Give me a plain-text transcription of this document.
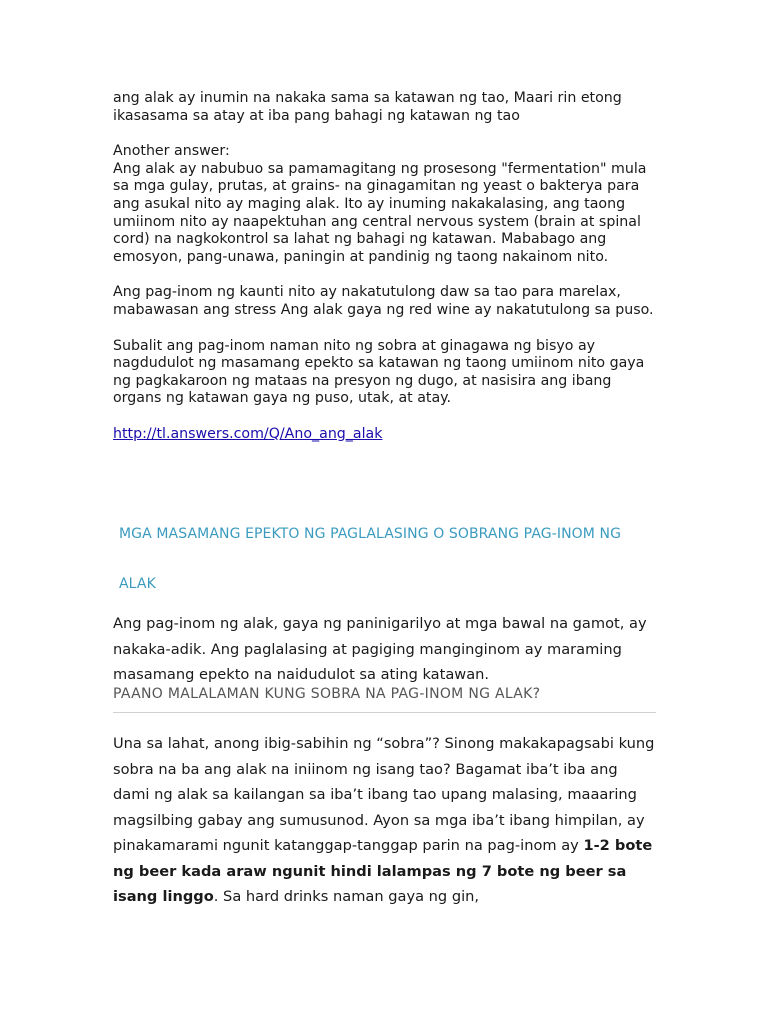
ang alak ay inumin na nakaka sama sa katawan ng tao, Maari rin etong ikasasama sa atay at iba pang bahagi ng katawan ng tao

Another answer:

Ang alak ay nabubuo sa pamamagitang ng prosesong "fermentation" mula sa mga gulay, prutas, at grains- na ginagamitan ng yeast o bakterya para ang asukal nito ay maging alak. Ito ay inuming nakakalasing, ang taong umiinom nito ay naapektuhan ang central nervous system (brain at spinal cord) na nagkokontrol sa lahat ng bahagi ng katawan. Mababago ang emosyon, pang-unawa, paningin at pandinig ng taong nakainom nito.

Ang pag-inom ng kaunti nito ay nakatutulong daw sa tao para marelax, mabawasan ang stress Ang alak gaya ng red wine ay nakatutulong sa puso.

Subalit ang pag-inom naman nito ng sobra at ginagawa ng bisyo ay nagdudulot ng masamang epekto sa katawan ng taong umiinom nito gaya ng pagkakaroon ng mataas na presyon ng dugo, at nasisira ang ibang organs ng katawan gaya ng puso, utak, at atay.

http://tl.answers.com/Q/Ano_ang_alak
MGA MASAMANG EPEKTO NG PAGLALASING O SOBRANG PAG-INOM NG
ALAK

Ang pag-inom ng alak, gaya ng paninigarilyo at mga bawal na gamot, ay nakaka-adik. Ang paglalasing at pagiging manginginom ay maraming masamang epekto na naidudulot sa ating katawan.

PAANO MALALAMAN KUNG SOBRA NA PAG-INOM NG ALAK?

Una sa lahat, anong ibig-sabihin ng “sobra”? Sinong makakapagsabi kung sobra na ba ang alak na iniinom ng isang tao? Bagamat iba’t iba ang dami ng alak sa kailangan sa iba’t ibang tao upang malasing, maaaring magsilbing gabay ang sumusunod. Ayon sa mga iba’t ibang himpilan, ay pinakamarami ngunit katanggap-tanggap parin na pag-inom ay 1-2 bote ng beer kada araw ngunit hindi lalampas ng 7 bote ng beer sa isang linggo. Sa hard drinks naman gaya ng gin,
